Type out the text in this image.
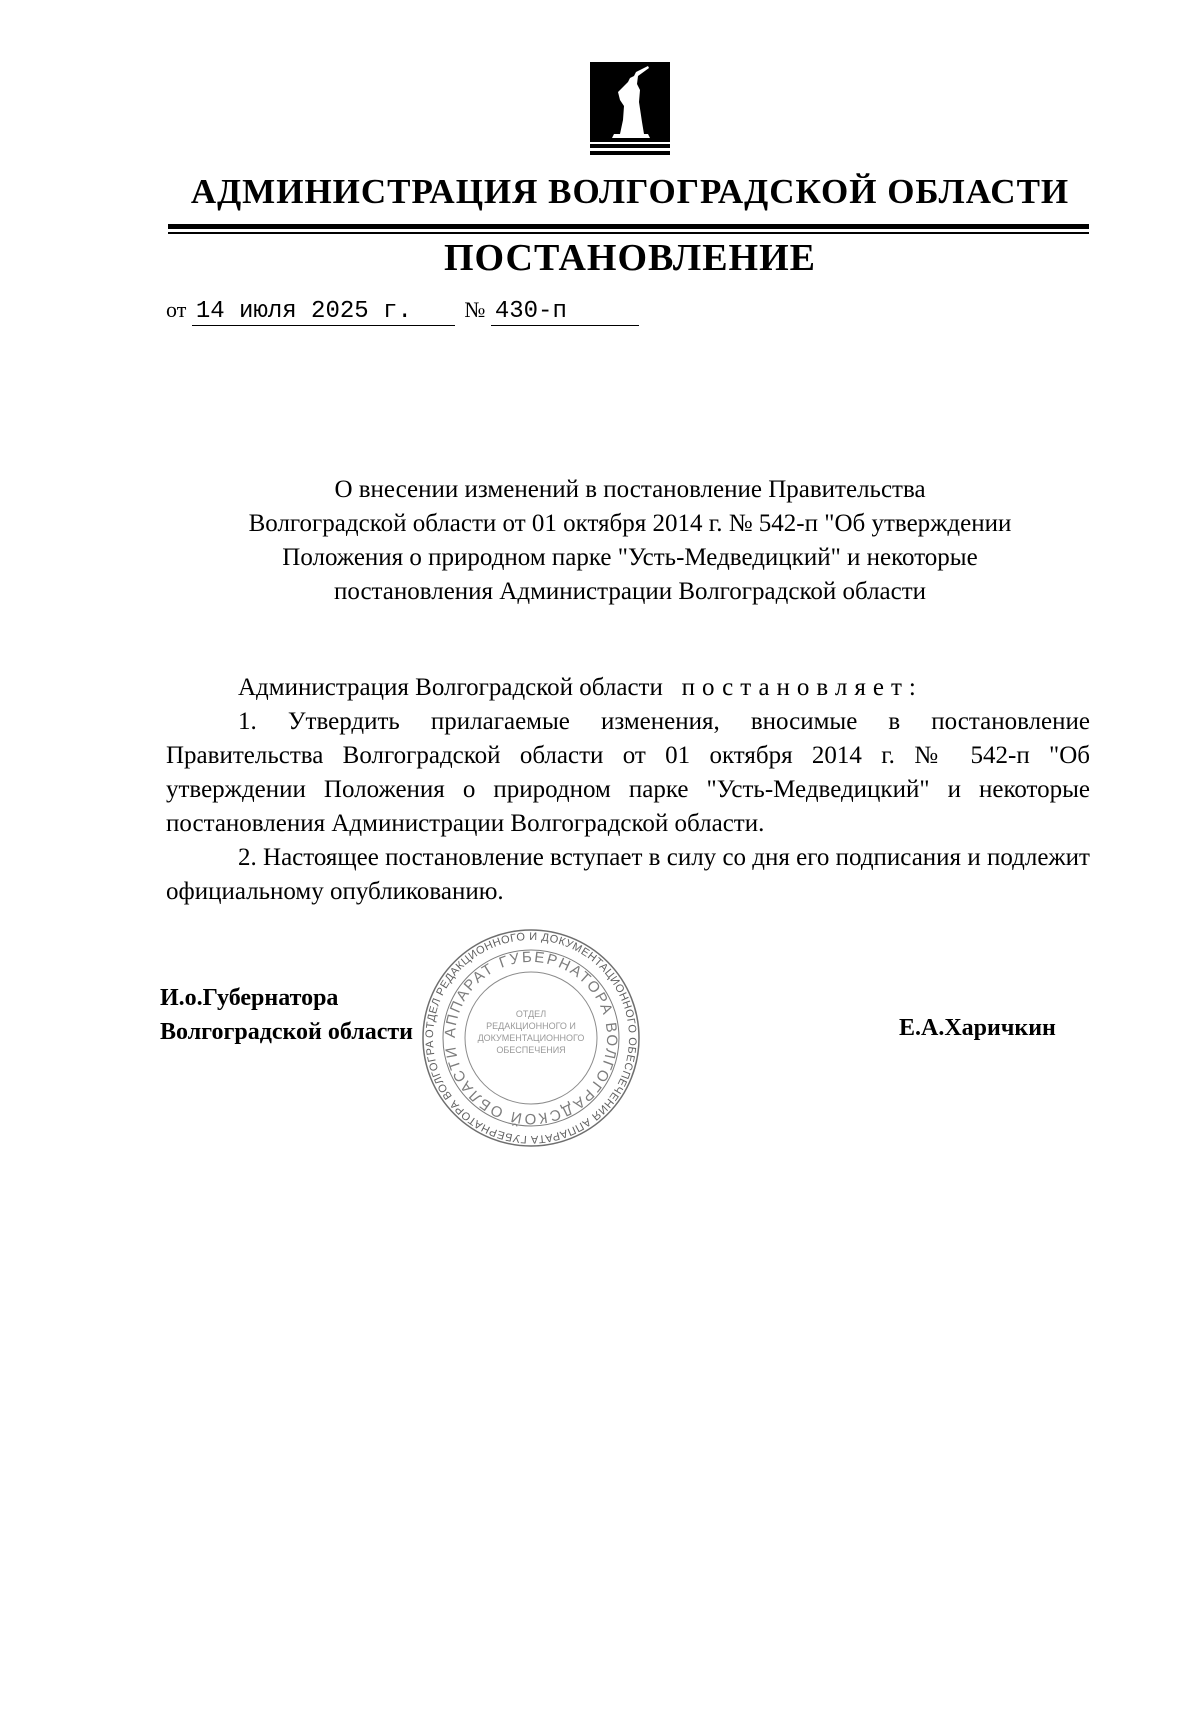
АДМИНИСТРАЦИЯ ВОЛГОГРАДСКОЙ ОБЛАСТИ
ПОСТАНОВЛЕНИЕ
от 14 июля 2025 г. № 430-п
О внесении изменений в постановление Правительства
Волгоградской области от 01 октября 2014 г. № 542-п "Об утверждении
Положения о природном парке "Усть-Медведицкий" и некоторые
постановления Администрации Волгоградской области

Администрация Волгоградской области постановляет:

1. Утвердить прилагаемые изменения, вносимые в постановление Правительства Волгоградской области от 01 октября 2014 г. № 542-п "Об утверждении Положения о природном парке "Усть-Медведицкий" и некоторые постановления Администрации Волгоградской области.

2. Настоящее постановление вступает в силу со дня его подписания и подлежит официальному опубликованию.

И.о.Губернатора
Волгоградской области	Е.А.Харичкин
ОТДЕЛ РЕДАКЦИОННОГО И ДОКУМЕНТАЦИОННОГО ОБЕСПЕЧЕНИЯ АППАРАТА ГУБЕРНАТОРА ВОЛГОГРА
АППАРАТ ГУБЕРНАТОРА ВОЛГОГРАДСКОЙ ОБЛАСТИ
ОТДЕЛ РЕДАКЦИОННОГО И ДОКУМЕНТАЦИОННОГО ОБЕСПЕЧЕНИЯ
